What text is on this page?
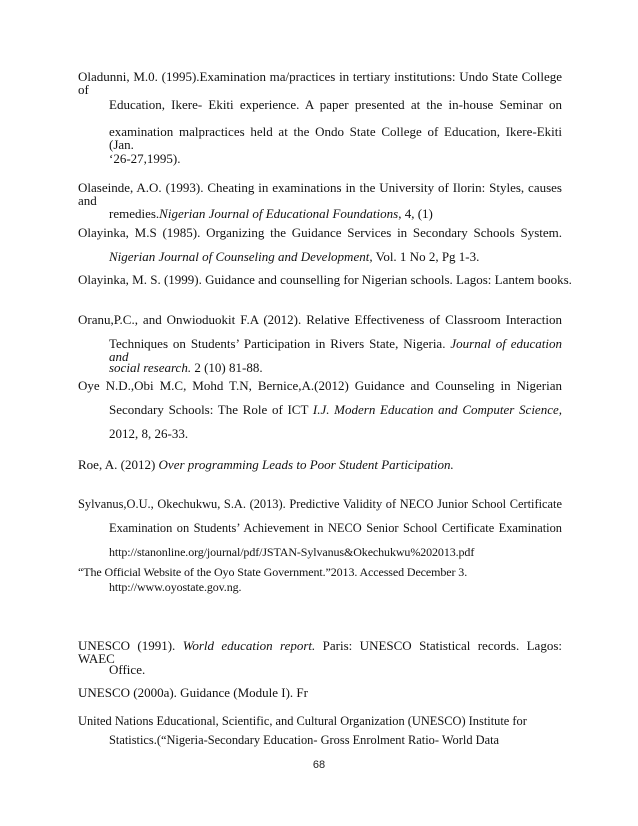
Oladunni, M.0. (1995).Examination ma/practices in tertiary institutions: Undo State College of
Education, Ikere- Ekiti experience. A paper presented at the in-house Seminar on
examination malpractices held at the Ondo State College of Education, Ikere-Ekiti (Jan.
‘26-27,1995).
Olaseinde, A.O. (1993). Cheating in examinations in the University of Ilorin: Styles, causes and
remedies.Nigerian Journal of Educational Foundations, 4, (1)
Olayinka, M.S (1985). Organizing the Guidance Services in Secondary Schools System.
Nigerian Journal of Counseling and Development, Vol. 1 No 2, Pg 1-3.
Olayinka, M. S. (1999). Guidance and counselling for Nigerian schools. Lagos: Lantem books.
Oranu,P.C., and Onwioduokit F.A (2012). Relative Effectiveness of Classroom Interaction
Techniques on Students’ Participation in Rivers State, Nigeria. Journal of education and
social research. 2 (10) 81-88.
Oye N.D.,Obi M.C, Mohd T.N, Bernice,A.(2012) Guidance and Counseling in Nigerian
Secondary Schools: The Role of ICT I.J. Modern Education and Computer Science,
2012, 8, 26-33.
Roe, A. (2012) Over programming Leads to Poor Student Participation.
Sylvanus,O.U., Okechukwu, S.A. (2013). Predictive Validity of NECO Junior School Certificate
Examination on Students’ Achievement in NECO Senior School Certificate Examination
http://stanonline.org/journal/pdf/JSTAN-Sylvanus&Okechukwu%202013.pdf
“The Official Website of the Oyo State Government.”2013. Accessed December 3.
http://www.oyostate.gov.ng.
UNESCO (1991). World education report. Paris: UNESCO Statistical records. Lagos: WAEC
Office.
UNESCO (2000a). Guidance (Module I). Fr
United Nations Educational, Scientific, and Cultural Organization (UNESCO) Institute for
Statistics.(“Nigeria-Secondary Education- Gross Enrolment Ratio- World Data
68
